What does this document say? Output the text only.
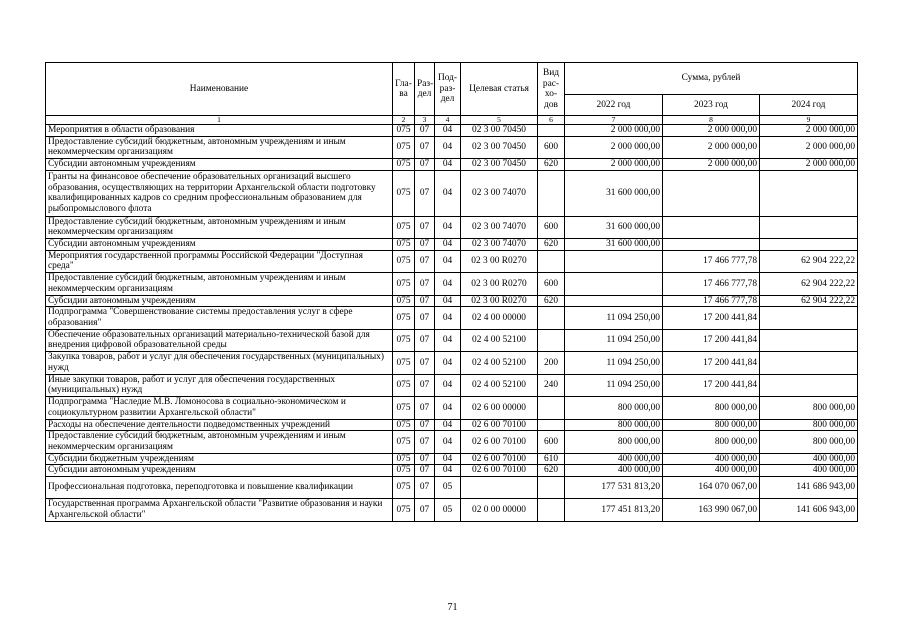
Наименование	Гла-ва	Раз-дел	Под-раз-дел	Целевая статья	Вид рас-хо-дов	Сумма, рублей		
						2022 год	2023 год	2024 год
1	2	3	4	5	6	7	8	9
Мероприятия в области образования	075	07	04	02 3 00 70450		2 000 000,00	2 000 000,00	2 000 000,00
Предоставление субсидий бюджетным, автономным учреждениям и иным некоммерческим организациям	075	07	04	02 3 00 70450	600	2 000 000,00	2 000 000,00	2 000 000,00
Субсидии автономным учреждениям	075	07	04	02 3 00 70450	620	2 000 000,00	2 000 000,00	2 000 000,00
Гранты на финансовое обеспечение образовательных организаций высшего образования, осуществляющих на территории Архангельской области подготовку квалифицированных кадров со средним профессиональным образованием для рыбопромыслового флота	075	07	04	02 3 00 74070		31 600 000,00		
Предоставление субсидий бюджетным, автономным учреждениям и иным некоммерческим организациям	075	07	04	02 3 00 74070	600	31 600 000,00		
Субсидии автономным учреждениям	075	07	04	02 3 00 74070	620	31 600 000,00		
Мероприятия государственной программы Российской Федерации "Доступная среда"	075	07	04	02 3 00 R0270			17 466 777,78	62 904 222,22
Предоставление субсидий бюджетным, автономным учреждениям и иным некоммерческим организациям	075	07	04	02 3 00 R0270	600		17 466 777,78	62 904 222,22
Субсидии автономным учреждениям	075	07	04	02 3 00 R0270	620		17 466 777,78	62 904 222,22
Подпрограмма "Совершенствование системы предоставления услуг в сфере образования"	075	07	04	02 4 00 00000		11 094 250,00	17 200 441,84	
Обеспечение образовательных организаций материально-технической базой для внедрения цифровой образовательной среды	075	07	04	02 4 00 52100		11 094 250,00	17 200 441,84	
Закупка товаров, работ и услуг для обеспечения государственных (муниципальных) нужд	075	07	04	02 4 00 52100	200	11 094 250,00	17 200 441,84	
Иные закупки товаров, работ и услуг для обеспечения государственных (муниципальных) нужд	075	07	04	02 4 00 52100	240	11 094 250,00	17 200 441,84	
Подпрограмма "Наследие М.В. Ломоносова в социально-экономическом и социокультурном развитии Архангельской области"	075	07	04	02 6 00 00000		800 000,00	800 000,00	800 000,00
Расходы на обеспечение деятельности подведомственных учреждений	075	07	04	02 6 00 70100		800 000,00	800 000,00	800 000,00
Предоставление субсидий бюджетным, автономным учреждениям и иным некоммерческим организациям	075	07	04	02 6 00 70100	600	800 000,00	800 000,00	800 000,00
Субсидии бюджетным учреждениям	075	07	04	02 6 00 70100	610	400 000,00	400 000,00	400 000,00
Субсидии автономным учреждениям	075	07	04	02 6 00 70100	620	400 000,00	400 000,00	400 000,00
Профессиональная подготовка, переподготовка и повышение квалификации	075	07	05			177 531 813,20	164 070 067,00	141 686 943,00
Государственная программа Архангельской области "Развитие образования и науки Архангельской области"	075	07	05	02 0 00 00000		177 451 813,20	163 990 067,00	141 606 943,00
71
